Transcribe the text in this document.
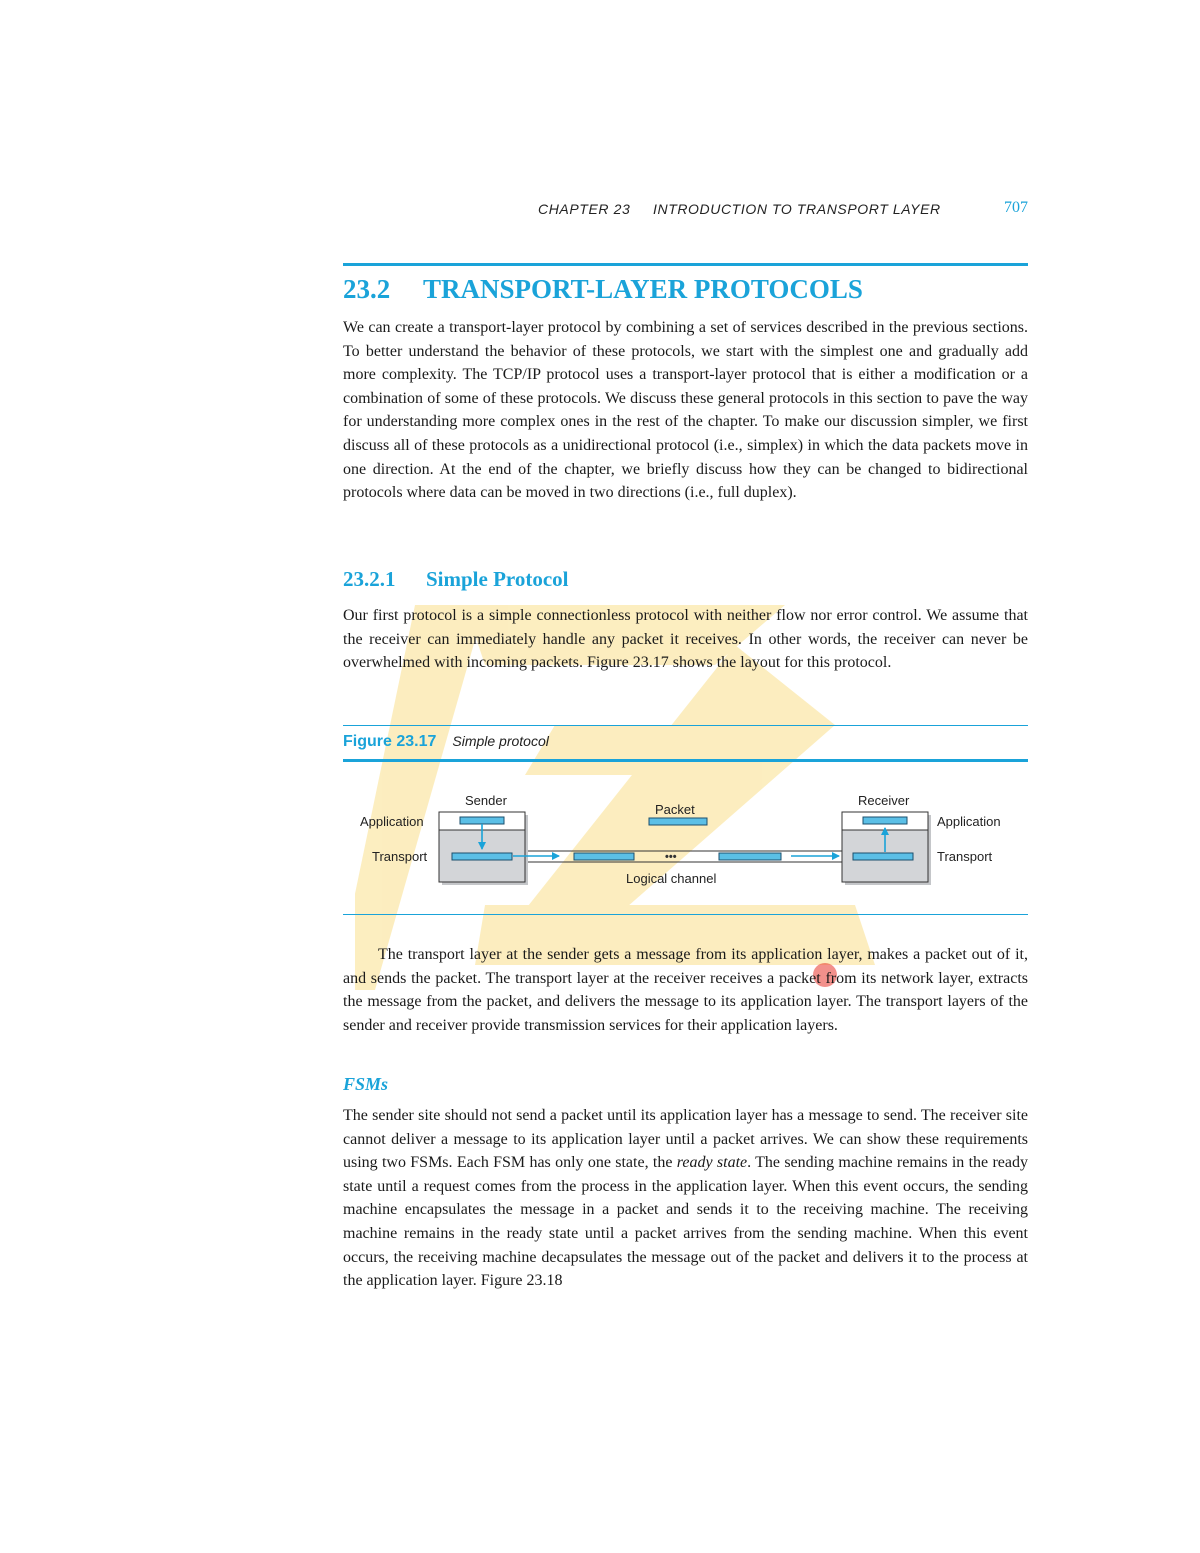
CHAPTER 23 INTRODUCTION TO TRANSPORT LAYER	707
23.2 TRANSPORT-LAYER PROTOCOLS

We can create a transport-layer protocol by combining a set of services described in the previous sections. To better understand the behavior of these protocols, we start with the simplest one and gradually add more complexity. The TCP/IP protocol uses a transport-layer protocol that is either a modification or a combination of some of these protocols. We discuss these general protocols in this section to pave the way for understanding more complex ones in the rest of the chapter. To make our discussion simpler, we first discuss all of these protocols as a unidirectional protocol (i.e., simplex) in which the data packets move in one direction. At the end of the chapter, we briefly discuss how they can be changed to bidirectional protocols where data can be moved in two directions (i.e., full duplex).

23.2.1 Simple Protocol

Our first protocol is a simple connectionless protocol with neither flow nor error control. We assume that the receiver can immediately handle any packet it receives. In other words, the receiver can never be overwhelmed with incoming packets. Figure 23.17 shows the layout for this protocol.

Figure 23.17 Simple protocol
Sender	Receiver
Packet
Application
Transport
Application
Transport
•••
Logical channel

The transport layer at the sender gets a message from its application layer, makes a packet out of it, and sends the packet. The transport layer at the receiver receives a packet from its network layer, extracts the message from the packet, and delivers the message to its application layer. The transport layers of the sender and receiver provide transmission services for their application layers.

FSMs

The sender site should not send a packet until its application layer has a message to send. The receiver site cannot deliver a message to its application layer until a packet arrives. We can show these requirements using two FSMs. Each FSM has only one state, the ready state. The sending machine remains in the ready state until a request comes from the process in the application layer. When this event occurs, the sending machine encapsulates the message in a packet and sends it to the receiving machine. The receiving machine remains in the ready state until a packet arrives from the sending machine. When this event occurs, the receiving machine decapsulates the message out of the packet and delivers it to the process at the application layer. Figure 23.18
